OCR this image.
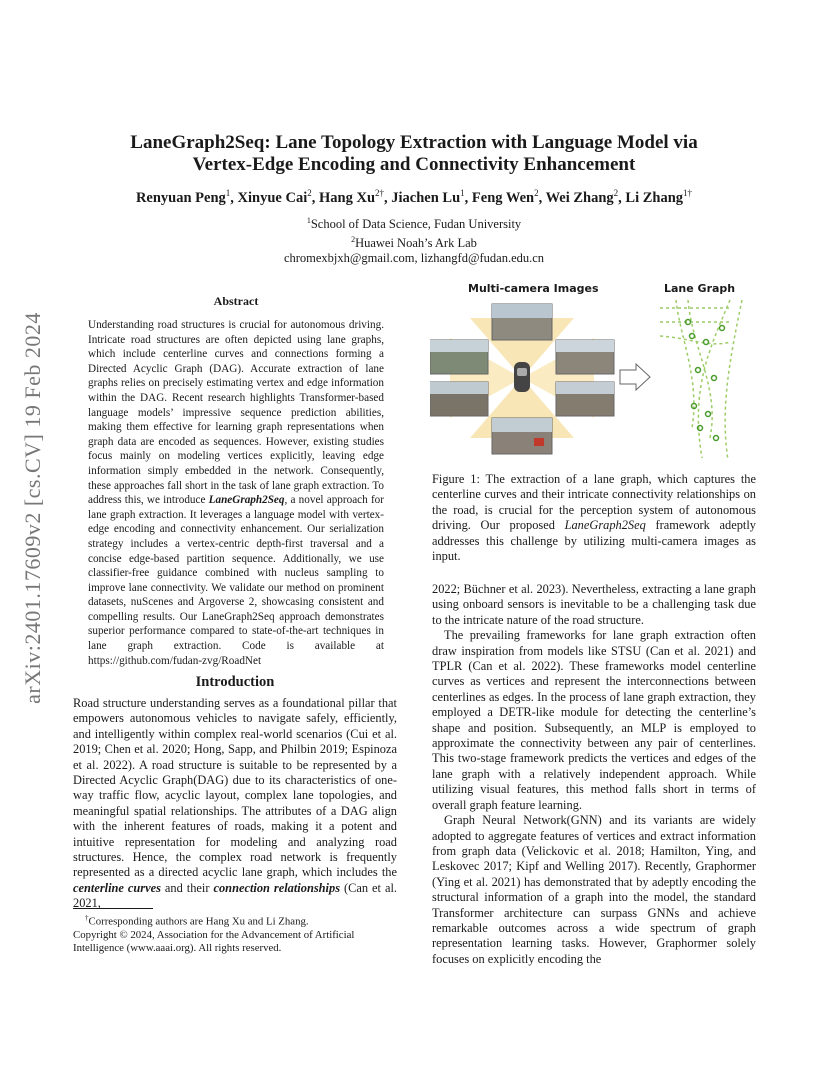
arXiv:2401.17609v2 [cs.CV] 19 Feb 2024
LaneGraph2Seq: Lane Topology Extraction with Language Model via
Vertex-Edge Encoding and Connectivity Enhancement
Renyuan Peng$^1$, Xinyue Cai$^2$, Hang $Xu^{2\dagger}$, Jiachen Lu$^1$, Feng Wen$^2$, Wei Zhang$^2$, Li Zhang$^{1\dagger}$
$^1$School of Data Science, Fudan University
$^2$Huawei Noah’s Ark Lab
chromexbjxh@gmail.com, lizhangfd@fudan.edu.cn
Abstract
Understanding road structures is crucial for autonomous driving. Intricate road structures are often depicted using lane graphs, which include centerline curves and connections forming a Directed Acyclic Graph (DAG). Accurate extraction of lane graphs relies on precisely estimating vertex and edge information within the DAG. Recent research highlights Transformer-based language models’ impressive sequence prediction abilities, making them effective for learning graph representations when graph data are encoded as sequences. However, existing studies focus mainly on modeling vertices explicitly, leaving edge information simply embedded in the network. Consequently, these approaches fall short in the task of lane graph extraction. To address this, we introduce LaneGraph2Seq, a novel approach for lane graph extraction. It leverages a language model with vertex-edge encoding and connectivity enhancement. Our serialization strategy includes a vertex-centric depth-first traversal and a concise edge-based partition sequence. Additionally, we use classifier-free guidance combined with nucleus sampling to improve lane connectivity. We validate our method on prominent datasets, nuScenes and Argoverse 2, showcasing consistent and compelling results. Our LaneGraph2Seq approach demonstrates superior performance compared to state-of-the-art techniques in lane graph extraction. Code is available at https://github.com/fudan-zvg/RoadNet
Introduction
Road structure understanding serves as a foundational pillar that empowers autonomous vehicles to navigate safely, efficiently, and intelligently within complex real-world scenarios (Cui et al. 2019; Chen et al. 2020; Hong, Sapp, and Philbin 2019; Espinoza et al. 2022). A road structure is suitable to be represented by a Directed Acyclic Graph(DAG) due to its characteristics of one-way traffic flow, acyclic layout, complex lane topologies, and meaningful spatial relationships. The attributes of a DAG align with the inherent features of roads, making it a potent and intuitive representation for modeling and analyzing road structures. Hence, the complex road network is frequently represented as a directed acyclic lane graph, which includes the centerline curves and their connection relationships (Can et al. 2021,
†Corresponding authors are Hang Xu and Li Zhang.
Copyright © 2024, Association for the Advancement of Artificial Intelligence (www.aaai.org). All rights reserved.
Multi-camera Images	Lane Graph
Figure 1: The extraction of a lane graph, which captures the centerline curves and their intricate connectivity relationships on the road, is crucial for the perception system of autonomous driving. Our proposed LaneGraph2Seq framework adeptly addresses this challenge by utilizing multi-camera images as input.

2022; Büchner et al. 2023). Nevertheless, extracting a lane graph using onboard sensors is inevitable to be a challenging task due to the intricate nature of the road structure.

The prevailing frameworks for lane graph extraction often draw inspiration from models like STSU (Can et al. 2021) and TPLR (Can et al. 2022). These frameworks model centerline curves as vertices and represent the interconnections between centerlines as edges. In the process of lane graph extraction, they employed a DETR-like module for detecting the centerline’s shape and position. Subsequently, an MLP is employed to approximate the connectivity between any pair of centerlines. This two-stage framework predicts the vertices and edges of the lane graph with a relatively independent approach. While utilizing visual features, this method falls short in terms of overall graph feature learning.

Graph Neural Network(GNN) and its variants are widely adopted to aggregate features of vertices and extract information from graph data (Velickovic et al. 2018; Hamilton, Ying, and Leskovec 2017; Kipf and Welling 2017). Recently, Graphormer (Ying et al. 2021) has demonstrated that by adeptly encoding the structural information of a graph into the model, the standard Transformer architecture can surpass GNNs and achieve remarkable outcomes across a wide spectrum of graph representation learning tasks. However, Graphormer solely focuses on explicitly encoding the
